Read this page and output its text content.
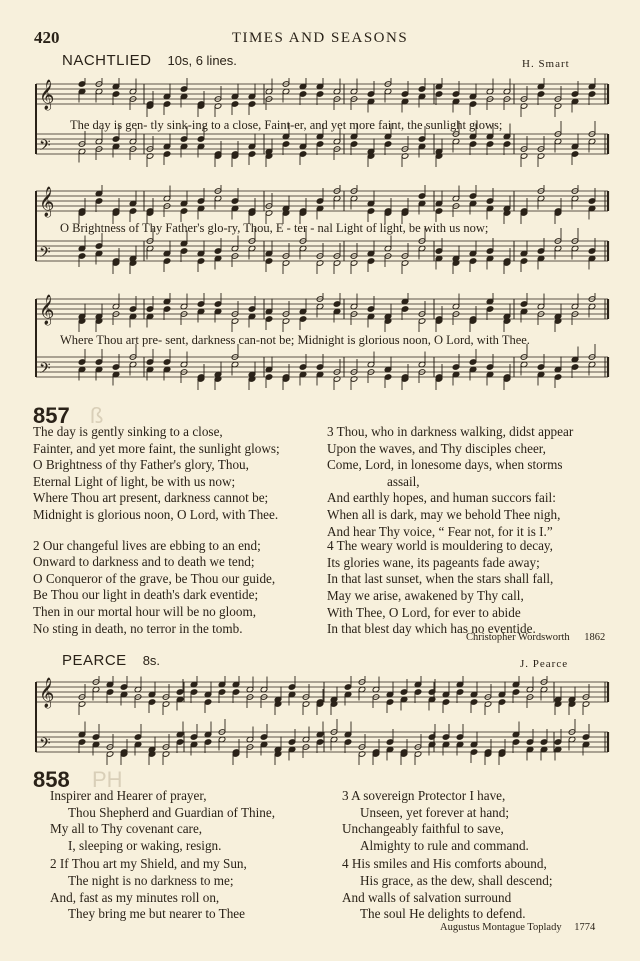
420	TIMES AND SEASONS
NACHTLIED 10s, 6 lines.	H. Smart
𝄞
𝄢
The day is gen- tly sink-ing to a close, Faint-er, and yet more faint, the sunlight glows;
𝄞
𝄢
O Brightness of Thy Father's glo-ry, Thou, E - ter - nal Light of light, be with us now;
𝄞
𝄢
Where Thou art pre- sent, darkness can-not be; Midnight is glorious noon, O Lord, with Thee.
857 ß
The day is gently sinking to a close,
Fainter, and yet more faint, the sunlight glows;
O Brightness of thy Father's glory, Thou,
Eternal Light of light, be with us now;
Where Thou art present, darkness cannot be;
Midnight is glorious noon, O Lord, with Thee.
2 Our changeful lives are ebbing to an end;
Onward to darkness and to death we tend;
O Conqueror of the grave, be Thou our guide,
Be Thou our light in death's dark eventide;
Then in our mortal hour will be no gloom,
No sting in death, no terror in the tomb.
3 Thou, who in darkness walking, didst appear
Upon the waves, and Thy disciples cheer,
Come, Lord, in lonesome days, when storms
assail,
And earthly hopes, and human succors fail:
When all is dark, may we behold Thee nigh,
And hear Thy voice, “ Fear not, for it is I.”
4 The weary world is mouldering to decay,
Its glories wane, its pageants fade away;
In that last sunset, when the stars shall fall,
May we arise, awakened by Thy call,
With Thee, O Lord, for ever to abide
In that blest day which has no eventide.
Christopher Wordsworth 1862
PEARCE 8s.	J. Pearce
𝄞
𝄢
858 ΡΗ
Inspirer and Hearer of prayer,
Thou Shepherd and Guardian of Thine,
My all to Thy covenant care,
I, sleeping or waking, resign.
2 If Thou art my Shield, and my Sun,
The night is no darkness to me;
And, fast as my minutes roll on,
They bring me but nearer to Thee
3 A sovereign Protector I have,
Unseen, yet forever at hand;
Unchangeably faithful to save,
Almighty to rule and command.
4 His smiles and His comforts abound,
His grace, as the dew, shall descend;
And walls of salvation surround
The soul He delights to defend.
Augustus Montague Toplady 1774
